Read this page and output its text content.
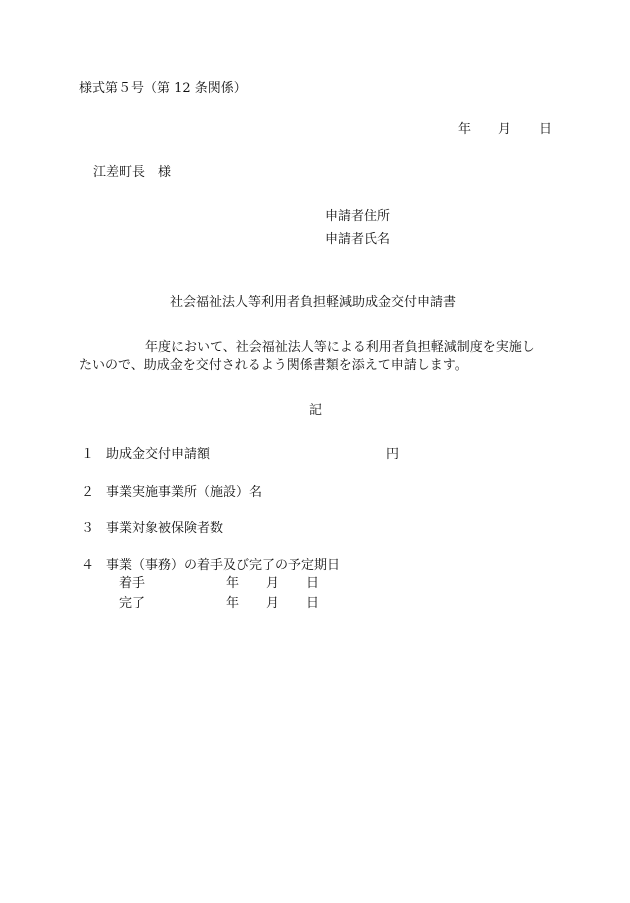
様式第５号（第 12 条関係）
年 月 日
江差町長　様
申請者住所
申請者氏名
社会福祉法人等利用者負担軽減助成金交付申請書
年度において、社会福祉法人等による利用者負担軽減制度を実施し
たいので、助成金を交付されるよう関係書類を添えて申請します。
記
１ 助成金交付申請額	円
２ 事業実施事業所（施設）名
３ 事業対象被保険者数
４ 事業（事務）の着手及び完了の予定期日
着手	年 月 日
完了	年 月 日
